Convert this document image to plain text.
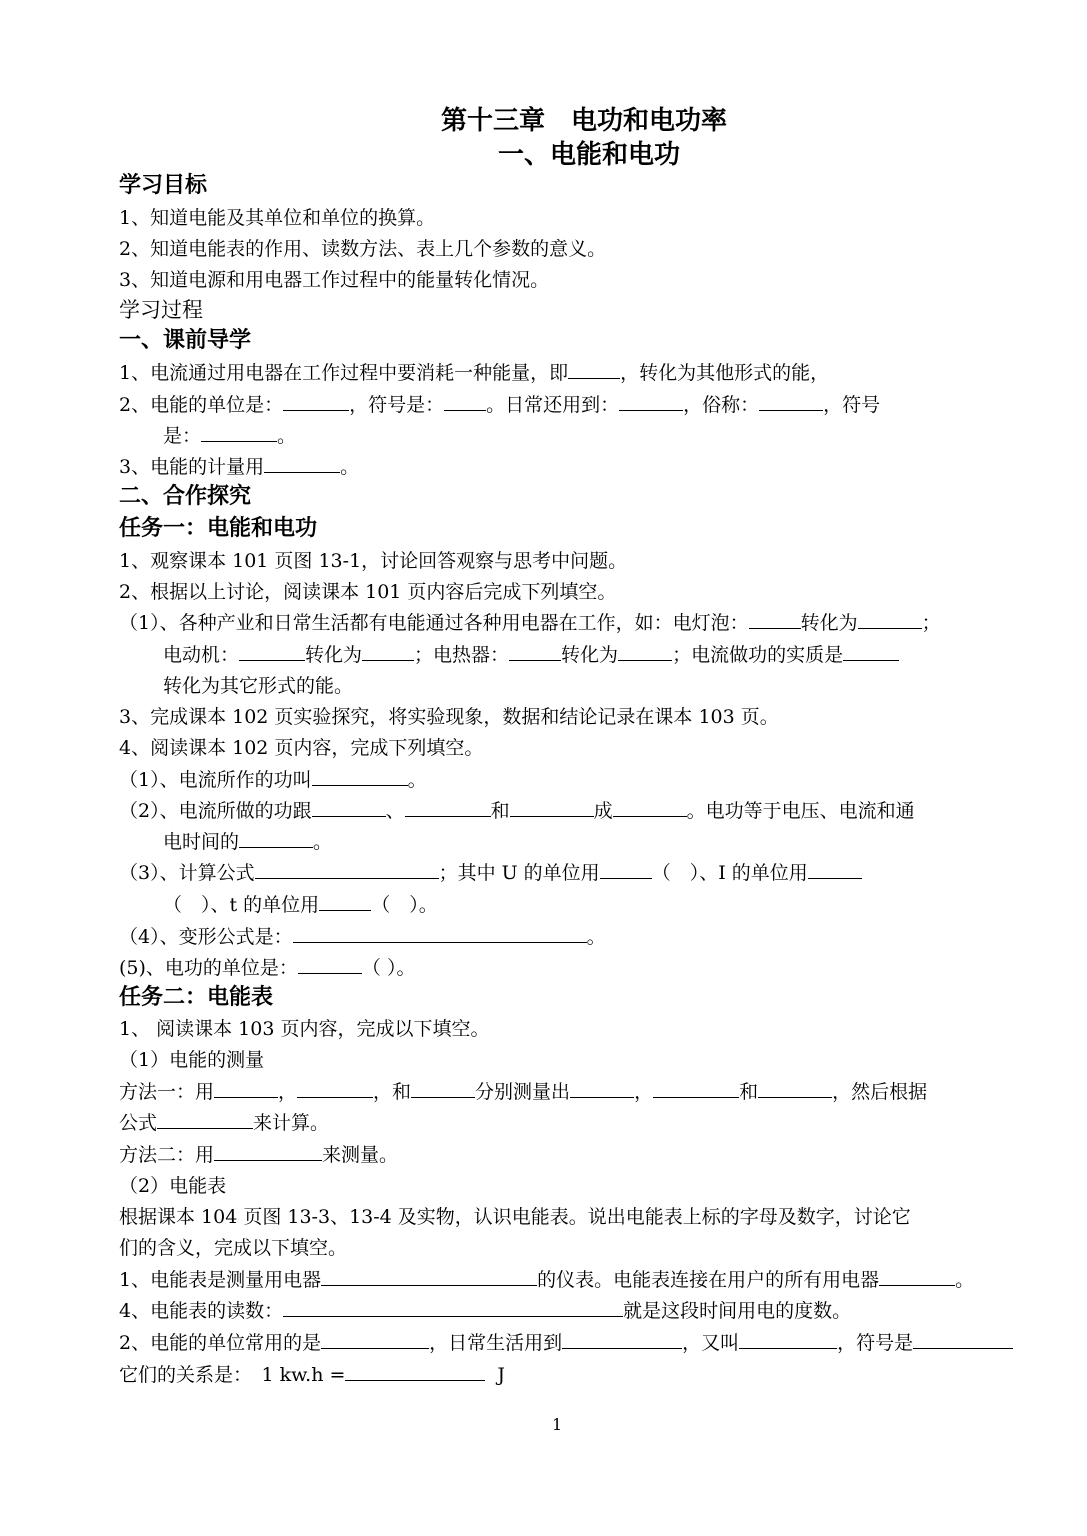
第十三章　电功和电功率
一、电能和电功
学习目标
1、知道电能及其单位和单位的换算。
2、知道电能表的作用、读数方法、表上几个参数的意义。
3、知道电源和用电器工作过程中的能量转化情况。
学习过程
一、课前导学
1、电流通过用电器在工作过程中要消耗一种能量，即	，转化为其他形式的能，
2、电能的单位是：	，符号是： 。日常还用到：	，俗称：	，符号
是：	。
3、电能的计量用	。
二、合作探究
任务一：电能和电功
1、观察课本 101 页图 13-1，讨论回答观察与思考中问题。
2、根据以上讨论，阅读课本 101 页内容后完成下列填空。
（1）、各种产业和日常生活都有电能通过各种用电器在工作，如：电灯泡：	转化为	；
电动机：	转化为	；电热器：	转化为	；电流做功的实质是
转化为其它形式的能。
3、完成课本 102 页实验探究，将实验现象，数据和结论记录在课本 103 页。
4、阅读课本 102 页内容，完成下列填空。
（1）、电流所作的功叫	。
（2）、电流所做的功跟	、	和	成	。电功等于电压、电流和通
电时间的	。
（3）、计算公式	；其中 U 的单位用	（　）、I 的单位用
（　）、t 的单位用	（　）。
（4）、变形公式是：	。
(5)、电功的单位是：	（ ）。
任务二：电能表
1、 阅读课本 103 页内容，完成以下填空。
（1）电能的测量
方法一：用	，	，和	分别测量出	，	和	，然后根据
公式	来计算。
方法二：用	来测量。
（2）电能表
根据课本 104 页图 13-3、13-4 及实物，认识电能表。说出电能表上标的字母及数字，讨论它
们的含义，完成以下填空。
1、电能表是测量用电器	的仪表。电能表连接在用户的所有用电器	。
4、电能表的读数：	就是这段时间用电的度数。
2、电能的单位常用的是	，日常生活用到	，又叫	，符号是
它们的关系是：　1 kw.h =	J
1
